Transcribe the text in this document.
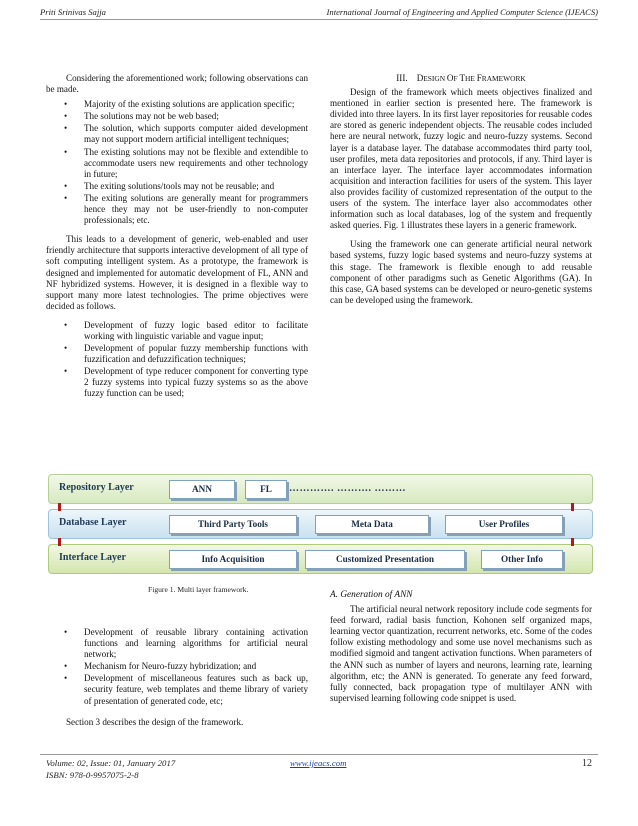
Priti Srinivas Sajja	International Journal of Engineering and Applied Computer Science (IJEACS)

Considering the aforementioned work; following observations can be made.

• Majority of the existing solutions are application specific;
• The solutions may not be web based;
• The solution, which supports computer aided development may not support modern artificial intelligent techniques;
• The existing solutions may not be flexible and extendible to accommodate users new requirements and other technology in future;
• The exiting solutions/tools may not be reusable; and
• The exiting solutions are generally meant for programmers hence they may not be user-friendly to non-computer professionals; etc.

This leads to a development of generic, web-enabled and user friendly architecture that supports interactive development of all type of soft computing intelligent system. As a prototype, the framework is designed and implemented for automatic development of FL, ANN and NF hybridized systems. However, it is designed in a flexible way to support many more latest technologies. The prime objectives were decided as follows.

• Development of fuzzy logic based editor to facilitate working with linguistic variable and vague input;
• Development of popular fuzzy membership functions with fuzzification and defuzzification techniques;
• Development of type reducer component for converting type 2 fuzzy systems into typical fuzzy systems so as the above fuzzy function can be used;
III. DESIGN OF THE FRAMEWORK

Design of the framework which meets objectives finalized and mentioned in earlier section is presented here. The framework is divided into three layers. In its first layer repositories for reusable codes are stored as generic independent objects. The reusable codes included here are neural network, fuzzy logic and neuro-fuzzy systems. Second layer is a database layer. The database accommodates third party tool, user profiles, meta data repositories and protocols, if any. Third layer is an interface layer. The interface layer accommodates information acquisition and interaction facilities for users of the system. This layer also provides facility of customized representation of the output to the users of the system. The interface layer also accommodates other information such as local databases, log of the system and frequently asked queries. Fig. 1 illustrates these layers in a generic framework.

Using the framework one can generate artificial neural network based systems, fuzzy logic based systems and neuro-fuzzy systems at this stage. The framework is flexible enough to add reusable component of other paradigms such as Genetic Algorithms (GA). In this case, GA based systems can be developed or neuro-genetic systems can be developed using the framework.

Repository Layer	ANN	FL	…………. ………. ………
Database Layer	Third Party Tools	Meta Data	User Profiles
Interface Layer	Info Acquisition	Customized Presentation	Other Info
Figure 1. Multi layer framework.
• Development of reusable library containing activation functions and learning algorithms for artificial neural network;
• Mechanism for Neuro-fuzzy hybridization; and
• Development of miscellaneous features such as back up, security feature, web templates and theme library of variety of presentation of generated code, etc;

Section 3 describes the design of the framework.

A. Generation of ANN

The artificial neural network repository include code segments for feed forward, radial basis function, Kohonen self organized maps, learning vector quantization, recurrent networks, etc. Some of the codes follow existing methodology and some use novel mechanisms such as modified sigmoid and tangent activation functions. When parameters of the ANN such as number of layers and neurons, learning rate, learning algorithm, etc; the ANN is generated. To generate any feed forward, fully connected, back propagation type of multilayer ANN with supervised learning following code snippet is used.

Volume: 02, Issue: 01, January 2017
ISBN: 978-0-9957075-2-8
www.ijeacs.com	12
